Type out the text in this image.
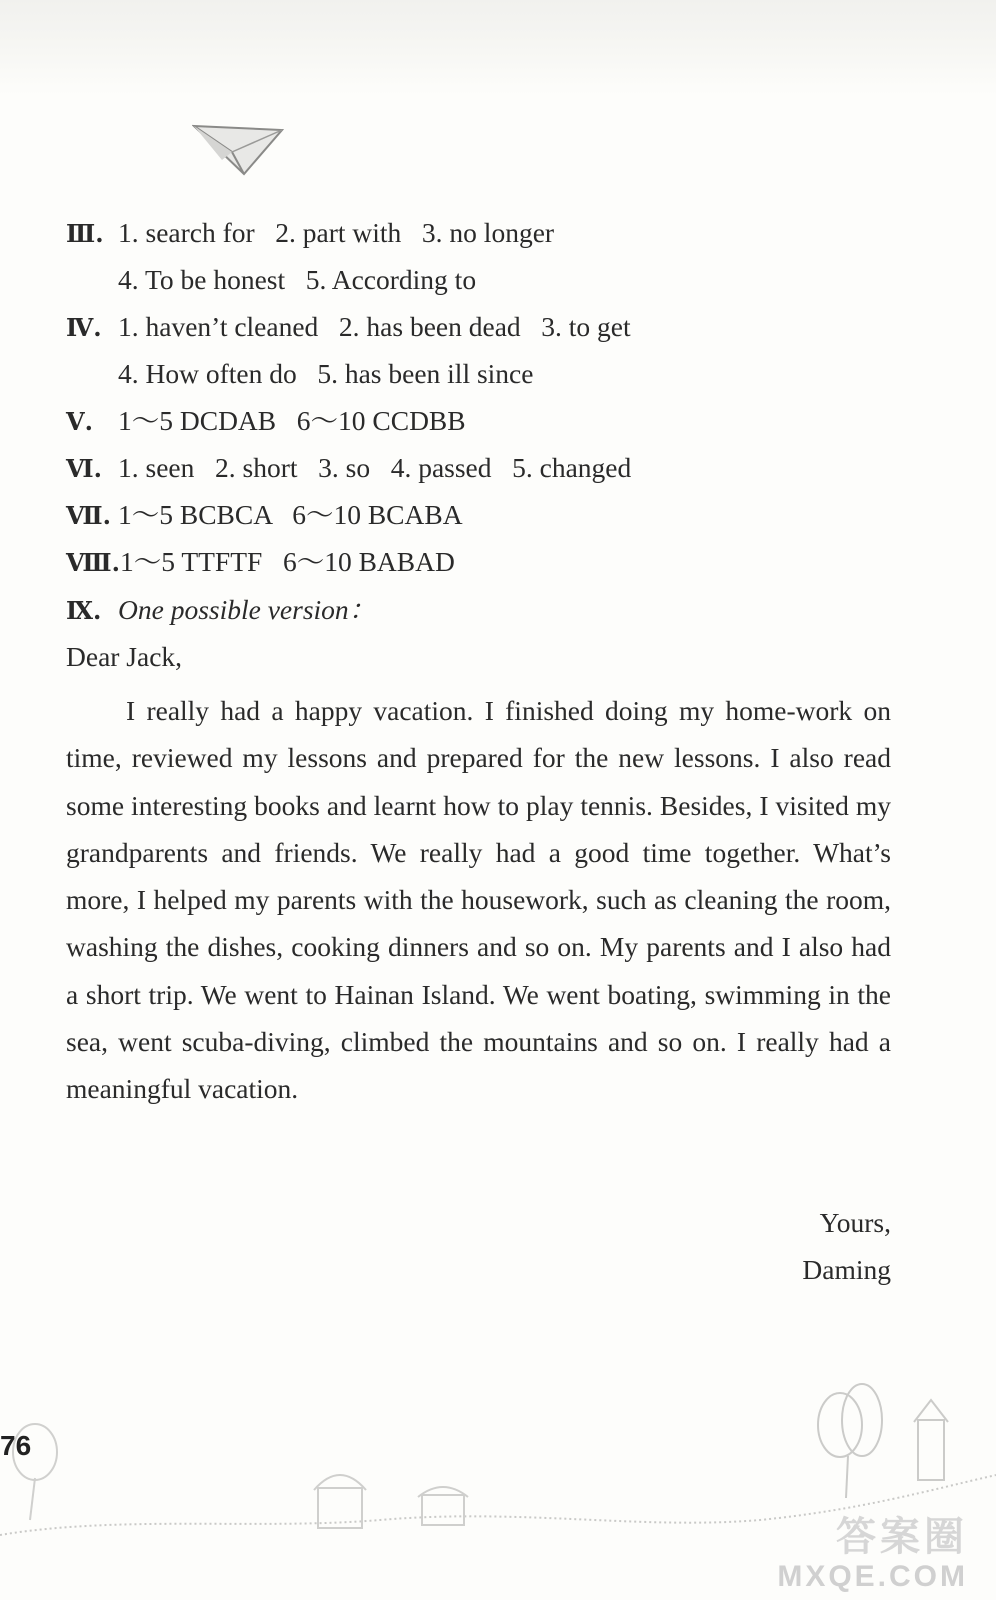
Ⅲ. 1. search for   2. part with   3. no longer
4. To be honest   5. According to
Ⅳ. 1. haven’t cleaned   2. has been dead   3. to get
4. How often do   5. has been ill since
Ⅴ. 1～5 DCDAB   6～10 CCDBB
Ⅵ. 1. seen   2. short   3. so   4. passed   5. changed
Ⅶ. 1～5 BCBCA   6～10 BCABA
Ⅷ.1～5 TTFTF   6～10 BABAD
Ⅸ. One possible version：
Dear Jack,

I really had a happy vacation. I finished doing my home-work on time, reviewed my lessons and prepared for the new lessons. I also read some interesting books and learnt how to play tennis. Besides, I visited my grandparents and friends. We really had a good time together. What’s more, I helped my parents with the housework, such as cleaning the room, washing the dishes, cooking dinners and so on. My parents and I also had a short trip. We went to Hainan Island. We went boating, swimming in the sea, went scuba-diving, climbed the mountains and so on. I really had a meaningful vacation.

Yours,
Daming
76
答案圈
MXQE.COM
